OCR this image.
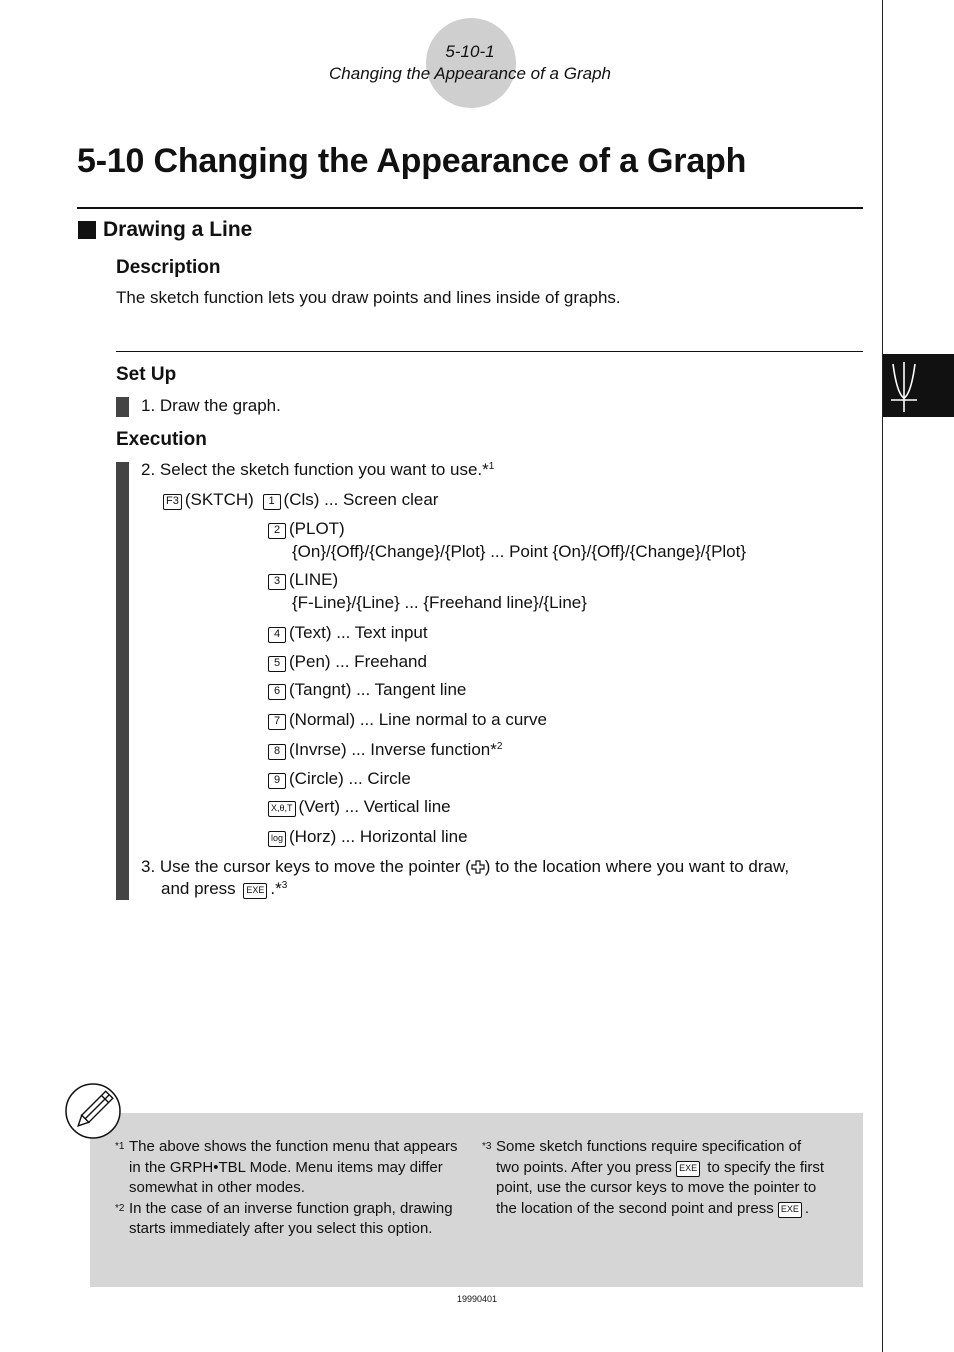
5-10-1
Changing the Appearance of a Graph
5-10 Changing the Appearance of a Graph
Drawing a Line
Description
The sketch function lets you draw points and lines inside of graphs.
Set Up
1. Draw the graph.
Execution
2. Select the sketch function you want to use.*$^1$
F3 (SKTCH) 1 (Cls) ... Screen clear
2 (PLOT)
{On}/{Off}/{Change}/{Plot} ... Point {On}/{Off}/{Change}/{Plot}
3 (LINE)
{F-Line}/{Line} ... {Freehand line}/{Line}
4 (Text) ... Text input
5 (Pen) ... Freehand
6 (Tangnt) ... Tangent line
7 (Normal) ... Line normal to a curve
8 (Invrse) ... Inverse function*$^2$
9 (Circle) ... Circle
X,θ,T (Vert) ... Vertical line
log (Horz) ... Horizontal line
3. Use the cursor keys to move the pointer ( ) to the location where you want to draw,
and press EXE .*$^3$
*1 The above shows the function menu that appears in the GRPH•TBL Mode. Menu items may differ somewhat in other modes.
*2 In the case of an inverse function graph, drawing starts immediately after you select this option.
*3 Some sketch functions require specification of two points. After you press EXE to specify the first point, use the cursor keys to move the pointer to the location of the second point and press EXE .
19990401
